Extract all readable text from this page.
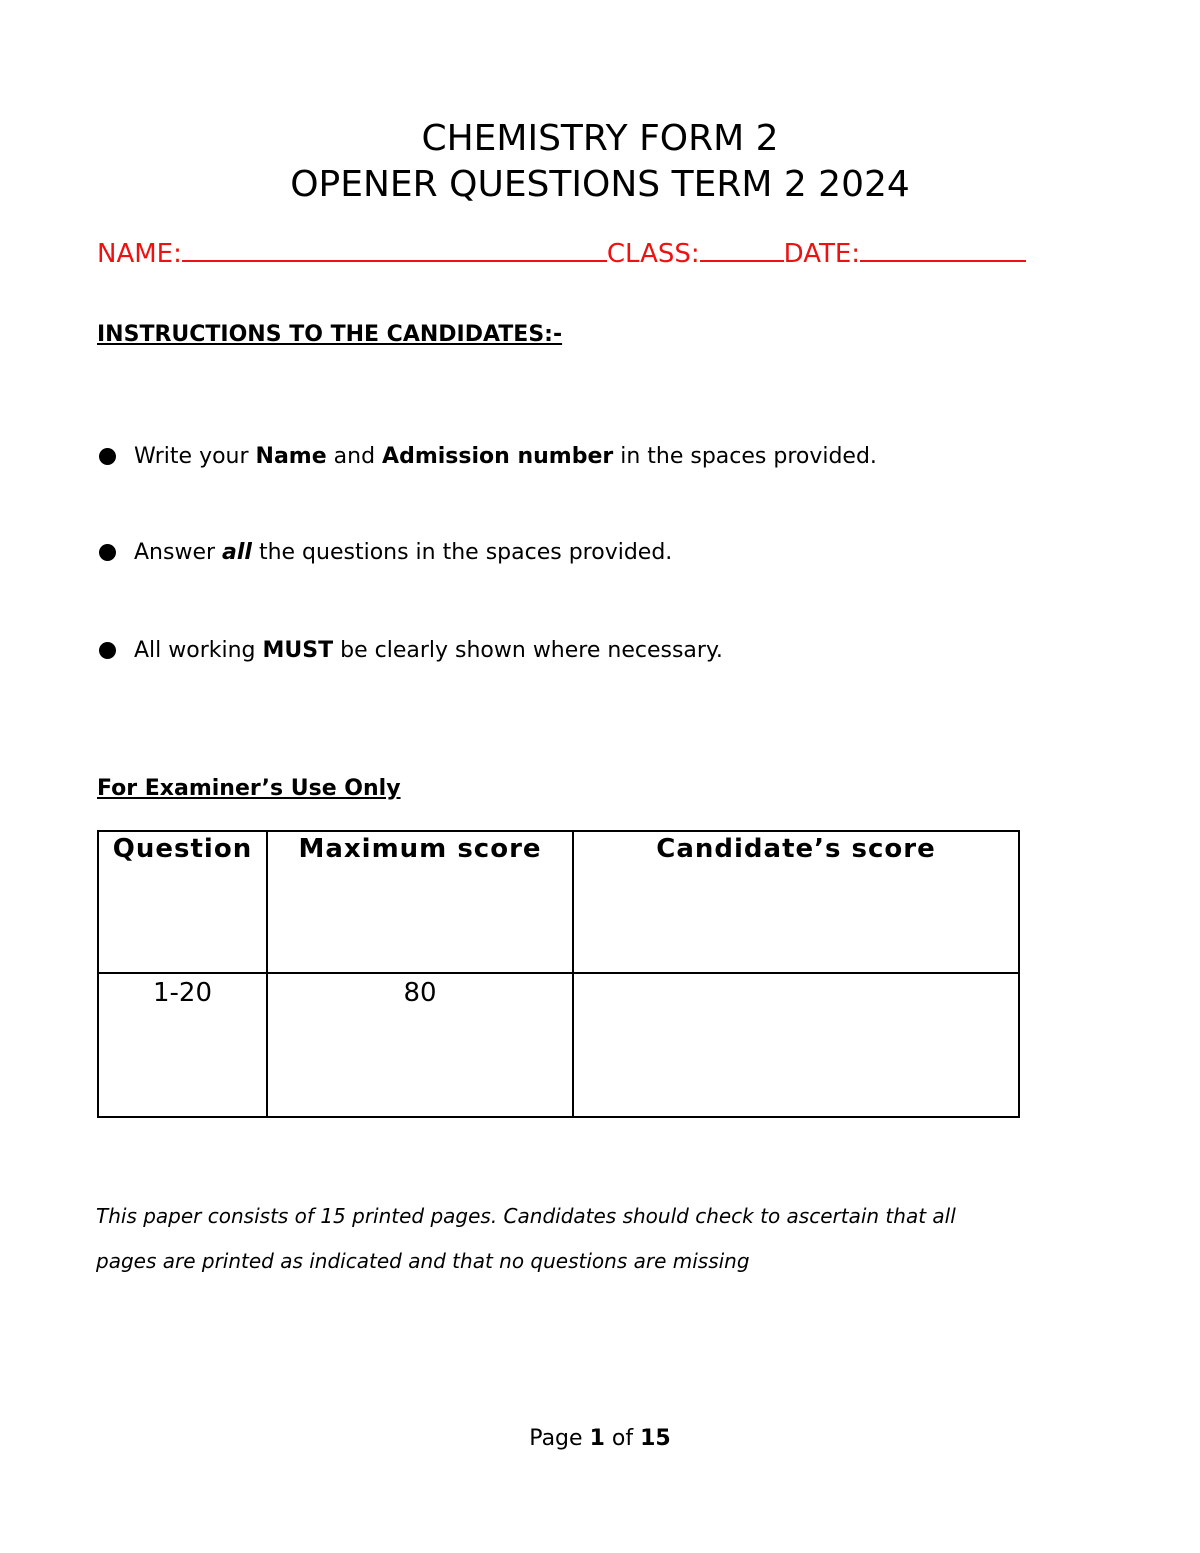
CHEMISTRY FORM 2
OPENER QUESTIONS TERM 2 2024
NAME:	CLASS:	DATE:
INSTRUCTIONS TO THE CANDIDATES:-
Write your Name and Admission number in the spaces provided.
Answer all the questions in the spaces provided.
All working MUST be clearly shown where necessary.
For Examiner’s Use Only
Question	Maximum score	Candidate’s score
1-20	80	
This paper consists of 15 printed pages. Candidates should check to ascertain that all
pages are printed as indicated and that no questions are missing
Page 1 of 15
